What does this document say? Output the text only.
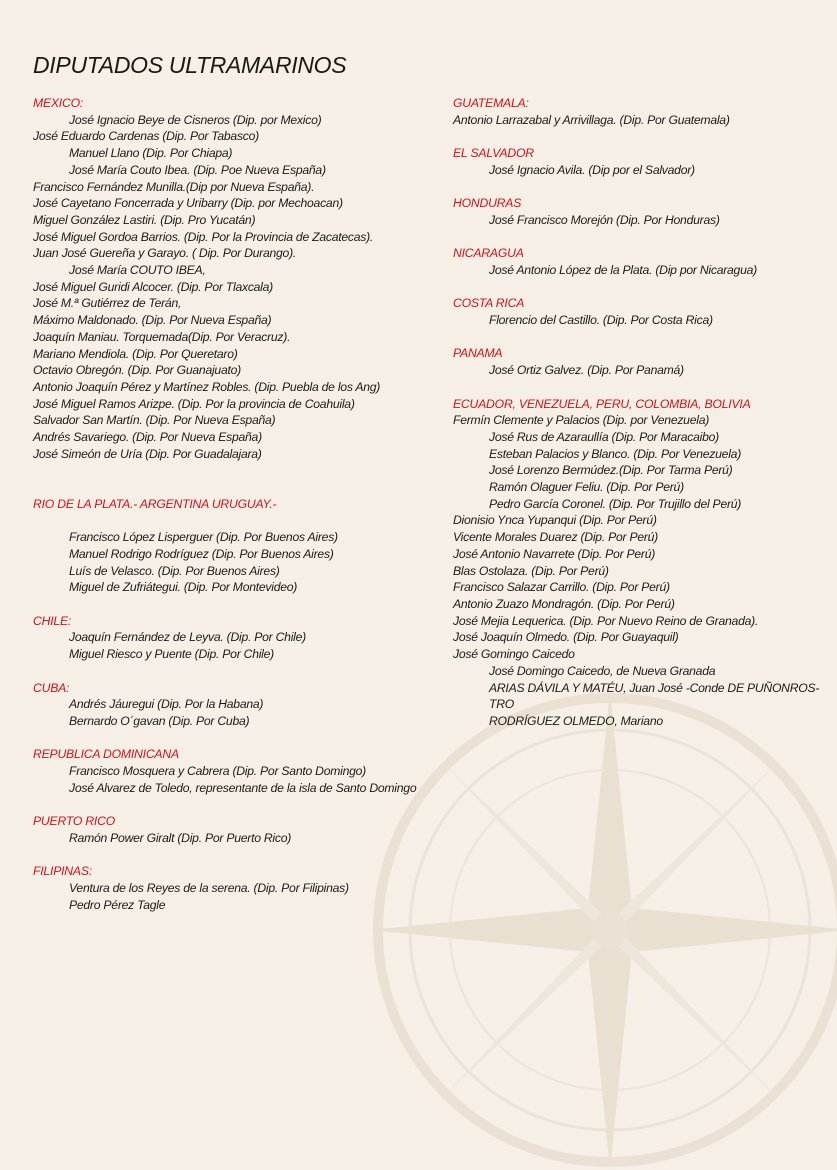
DIPUTADOS ULTRAMARINOS
MEXICO:
José Ignacio Beye de Cisneros (Dip. por Mexico)
José Eduardo Cardenas (Dip. Por Tabasco)
Manuel Llano (Dip. Por Chiapa)
José María Couto Ibea. (Dip. Poe Nueva España)
Francisco Fernández Munilla.(Dip por Nueva España).
José Cayetano Foncerrada y Uribarry (Dip. por Mechoacan)
Miguel González Lastiri. (Dip. Pro Yucatán)
José Miguel Gordoa Barrios. (Dip. Por la Provincia de Zacatecas).
Juan José Guereña y Garayo. ( Dip. Por Durango).
José María COUTO IBEA,
José Miguel Guridi Alcocer. (Dip. Por Tlaxcala)
José M.ª Gutiérrez de Terán,
Máximo Maldonado. (Dip. Por Nueva España)
Joaquín Maniau. Torquemada(Dip. Por Veracruz).
Mariano Mendiola. (Dip. Por Queretaro)
Octavio Obregón. (Dip. Por Guanajuato)
Antonio Joaquín Pérez y Martínez Robles. (Dip. Puebla de los Ang)
José Miguel Ramos Arizpe. (Dip. Por la provincia de Coahuila)
Salvador San Martín. (Dip. Por Nueva España)
Andrés Savariego. (Dip. Por Nueva España)
José Simeón de Uría (Dip. Por Guadalajara)
RIO DE LA PLATA.- ARGENTINA URUGUAY.-
Francisco López Lisperguer (Dip. Por Buenos Aires)
Manuel Rodrigo Rodríguez (Dip. Por Buenos Aires)
Luís de Velasco. (Dip. Por Buenos Aires)
Miguel de Zufriátegui. (Dip. Por Montevideo)
CHILE:
Joaquín Fernández de Leyva. (Dip. Por Chile)
Miguel Riesco y Puente (Dip. Por Chile)
CUBA:
Andrés Jáuregui (Dip. Por la Habana)
Bernardo O´gavan (Dip. Por Cuba)
REPUBLICA DOMINICANA
Francisco Mosquera y Cabrera (Dip. Por Santo Domingo)
José Alvarez de Toledo, representante de la isla de Santo Domingo
PUERTO RICO
Ramón Power Giralt (Dip. Por Puerto Rico)
FILIPINAS:
Ventura de los Reyes de la serena. (Dip. Por Filipinas)
Pedro Pérez Tagle
GUATEMALA:
Antonio Larrazabal y Arrivillaga. (Dip. Por Guatemala)
EL SALVADOR
José Ignacio Avila. (Dip por el Salvador)
HONDURAS
José Francisco Morejón (Dip. Por Honduras)
NICARAGUA
José Antonio López de la Plata. (Dip por Nicaragua)
COSTA RICA
Florencio del Castillo. (Dip. Por Costa Rica)
PANAMA
José Ortiz Galvez. (Dip. Por Panamá)
ECUADOR, VENEZUELA, PERU, COLOMBIA, BOLIVIA
Fermín Clemente y Palacios (Dip. por Venezuela)
José Rus de Azaraullía (Dip. Por Maracaibo)
Esteban Palacios y Blanco. (Dip. Por Venezuela)
José Lorenzo Bermúdez.(Dip. Por Tarma Perú)
Ramón Olaguer Feliu. (Dip. Por Perú)
Pedro García Coronel. (Dip. Por Trujillo del Perú)
Dionisio Ynca Yupanqui (Dip. Por Perú)
Vicente Morales Duarez (Dip. Por Perú)
José Antonio Navarrete (Dip. Por Perú)
Blas Ostolaza. (Dip. Por Perú)
Francisco Salazar Carrillo. (Dip. Por Perú)
Antonio Zuazo Mondragón. (Dip. Por Perú)
José Mejia Lequerica. (Dip. Por Nuevo Reino de Granada).
José Joaquín Olmedo. (Dip. Por Guayaquil)
José Gomingo Caicedo
José Domingo Caicedo, de Nueva Granada
ARIAS DÁVILA Y MATÉU, Juan José -Conde DE PUÑONROS-TRO
RODRÍGUEZ OLMEDO, Mariano
